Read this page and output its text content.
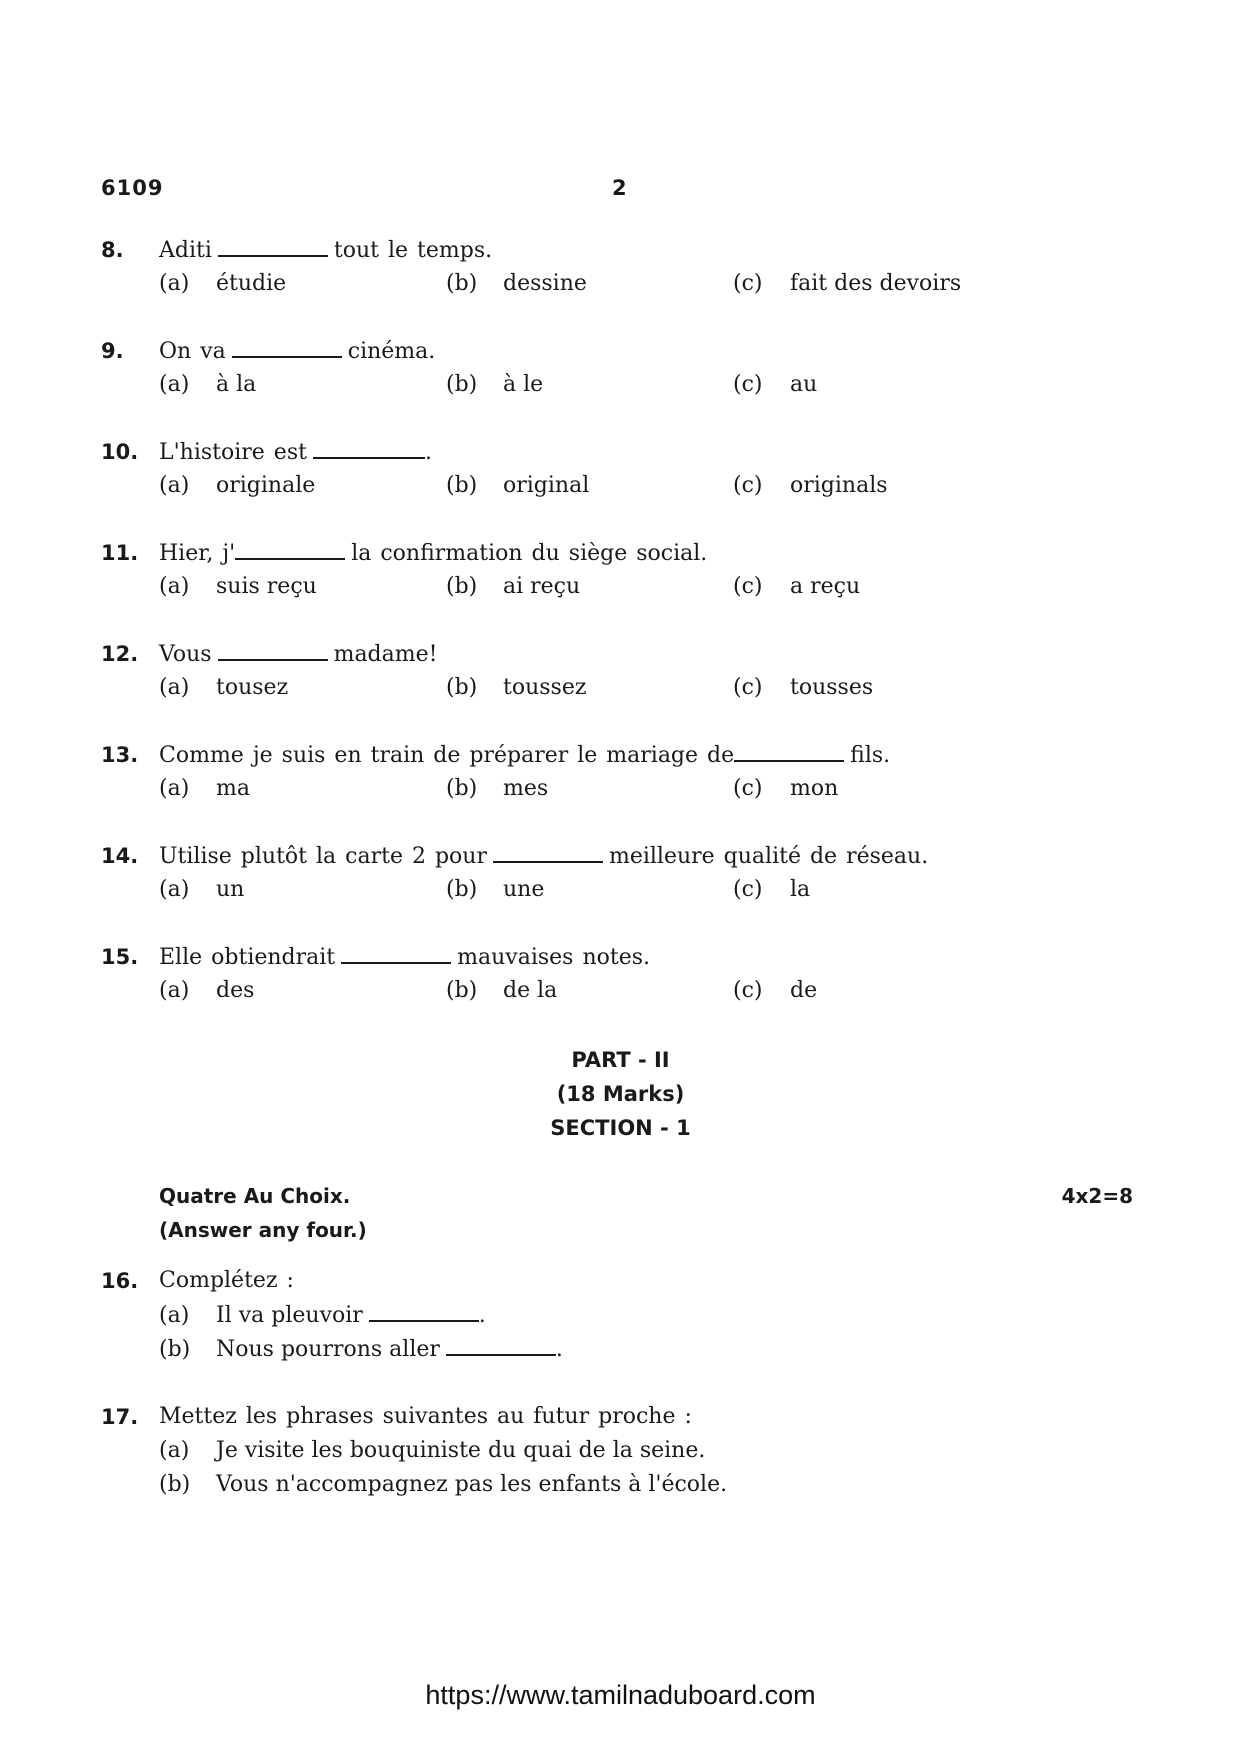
6109	2
8. Aditi	tout le temps.
(a) étudie	(b) dessine	(c) fait des devoirs
9. On va	cinéma.
(a) à la	(b) à le	(c) au
10. L'histoire est	.
(a) originale	(b) original	(c) originals
11. Hier, j'	la confirmation du siège social.
(a) suis reçu	(b) ai reçu	(c) a reçu
12. Vous	madame!
(a) tousez	(b) toussez	(c) tousses
13. Comme je suis en train de préparer le mariage de	fils.
(a) ma	(b) mes	(c) mon
14. Utilise plutôt la carte 2 pour	meilleure qualité de réseau.
(a) un	(b) une	(c) la
15. Elle obtiendrait	mauvaises notes.
(a) des	(b) de la	(c) de
PART - II
(18 Marks)
SECTION - 1
Quatre Au Choix.	4x2=8
(Answer any four.)
16. Complétez :
(a) Il va pleuvoir	.
(b) Nous pourrons aller	.
17. Mettez les phrases suivantes au futur proche :
(a) Je visite les bouquiniste du quai de la seine.
(b) Vous n'accompagnez pas les enfants à l'école.
https://www.tamilnaduboard.com
